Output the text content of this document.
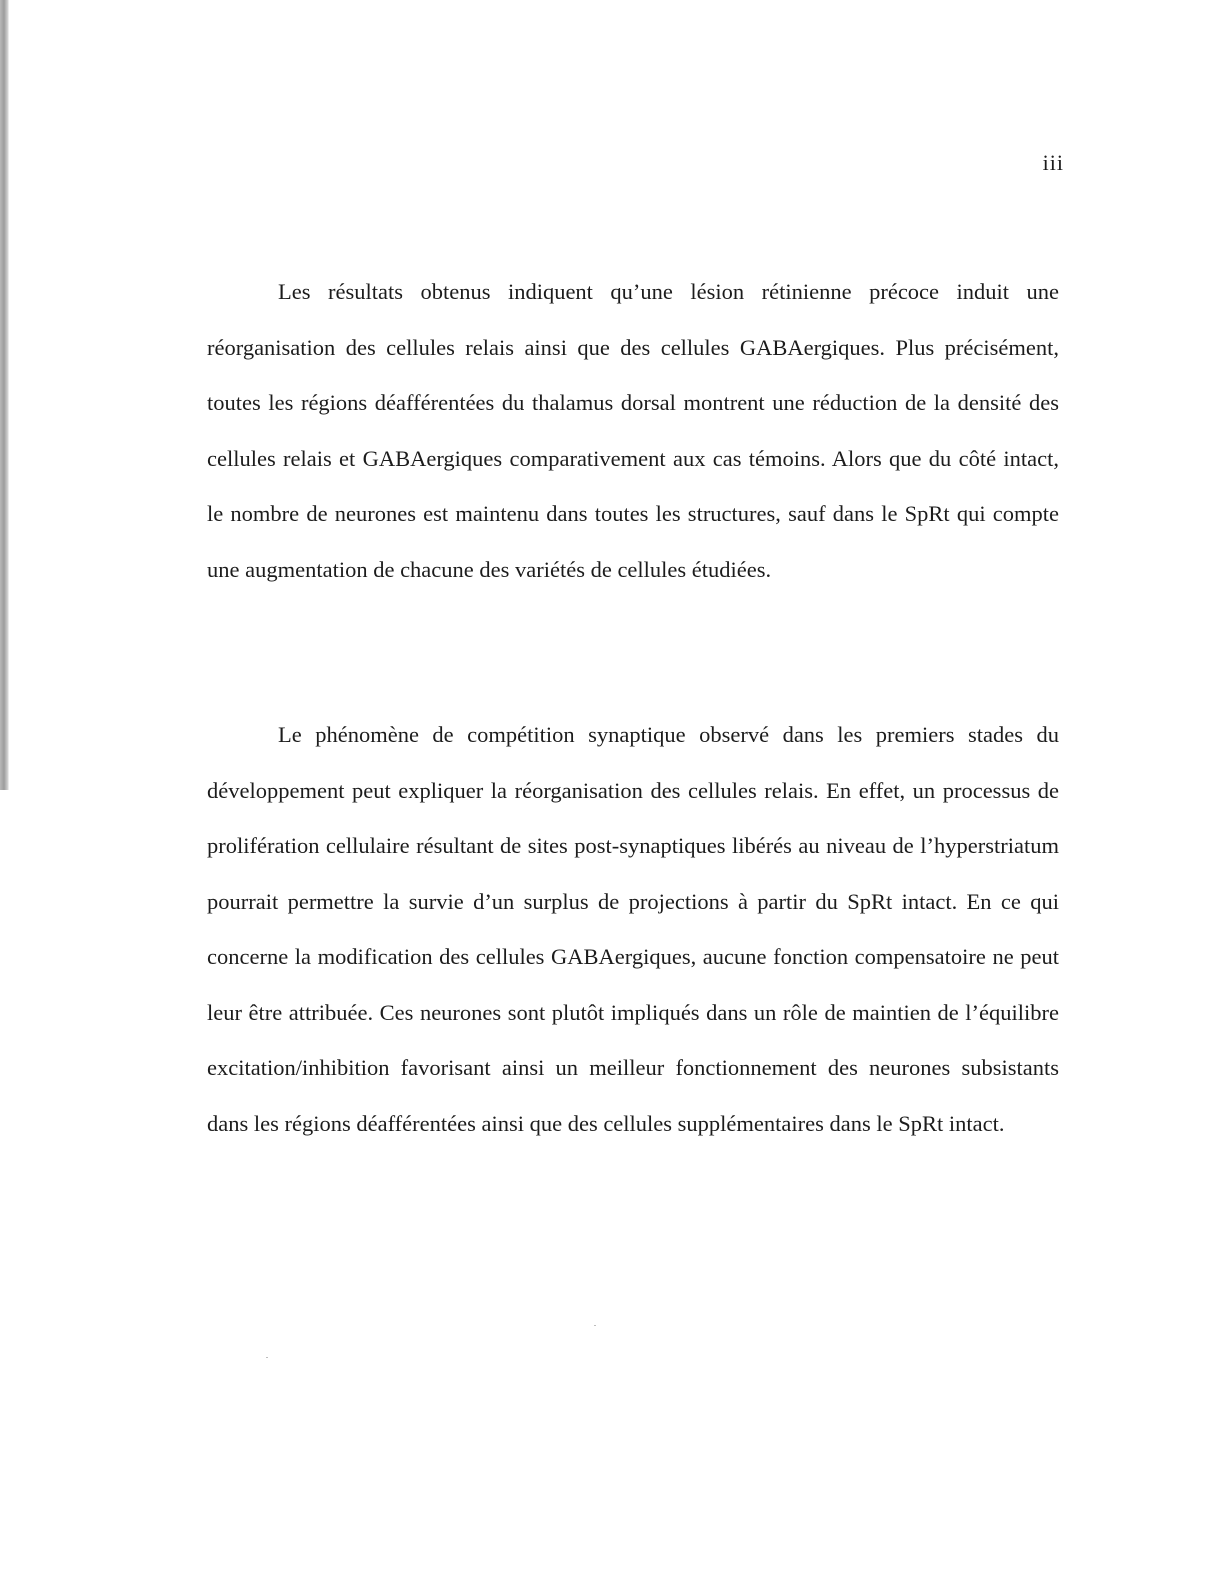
iii

Les résultats obtenus indiquent qu’une lésion rétinienne précoce induit une réorganisation des cellules relais ainsi que des cellules GABAergiques. Plus précisément, toutes les régions déafférentées du thalamus dorsal montrent une réduction de la densité des cellules relais et GABAergiques comparativement aux cas témoins. Alors que du côté intact, le nombre de neurones est maintenu dans toutes les structures, sauf dans le SpRt qui compte une augmentation de chacune des variétés de cellules étudiées.

Le phénomène de compétition synaptique observé dans les premiers stades du développement peut expliquer la réorganisation des cellules relais. En effet, un processus de prolifération cellulaire résultant de sites post-synaptiques libérés au niveau de l’hyperstriatum pourrait permettre la survie d’un surplus de projections à partir du SpRt intact. En ce qui concerne la modification des cellules GABAergiques, aucune fonction compensatoire ne peut leur être attribuée. Ces neurones sont plutôt impliqués dans un rôle de maintien de l’équilibre excitation/inhibition favorisant ainsi un meilleur fonctionnement des neurones subsistants dans les régions déafférentées ainsi que des cellules supplémentaires dans le SpRt intact.
